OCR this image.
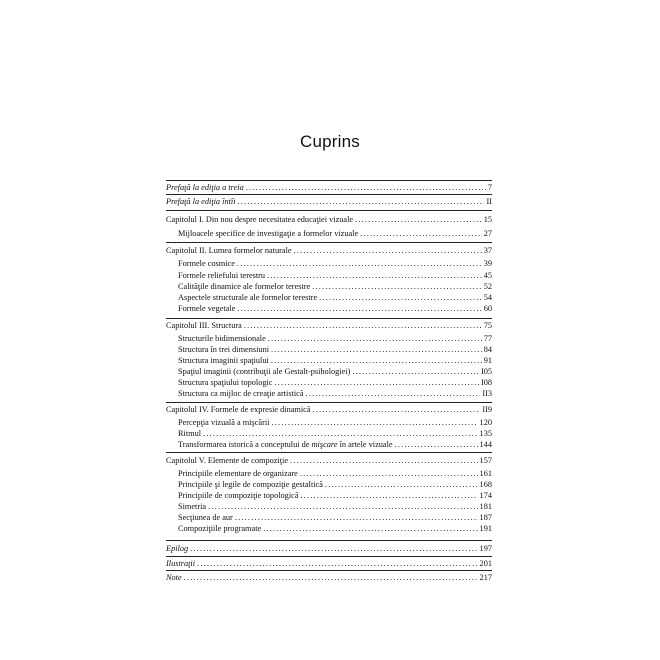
Cuprins
Prefaţă la ediţia a treia .....	7
Prefaţă la ediţia întîi .....	II
Capitolul I. Din nou despre necesitatea educaţiei vizuale .....	15
Mijloacele specifice de investigaţie a formelor vizuale .....	27
Capitolul II. Lumea formelor naturale .....	37
Formele cosmice .....	39
Formele reliefului terestru .....	45
Calităţile dinamice ale formelor terestre .....	52
Aspectele structurale ale formelor terestre .....	54
Formele vegetale .....	60
Capitolul III. Structura .....	75
Structurile bidimensionale .....	77
Structura în trei dimensiuni .....	84
Structura imaginii spaţiului .....	91
Spaţiul imaginii (contribuţii ale Gestalt-psihologiei) .....	I05
Structura spaţiului topologic .....	I08
Structura ca mijloc de creaţie artistică .....	II3
Capitolul IV. Formele de expresie dinamică .....	II9
Percepţia vizuală a mişcării .....	120
Ritmul .....	135
Transformarea istorică a conceptului de mişcare în artele vizuale .....	144
Capitolul V. Elemente de compoziţie .....	157
Principiile elementare de organizare .....	161
Principiile şi legile de compoziţie gestaltică .....	168
Principiile de compoziţie topologică .....	174
Simetria .....	181
Secţiunea de aur .....	187
Compoziţiile programate .....	191
Epilog .....	197
Ilustraţii .....	201
Note .....	217
